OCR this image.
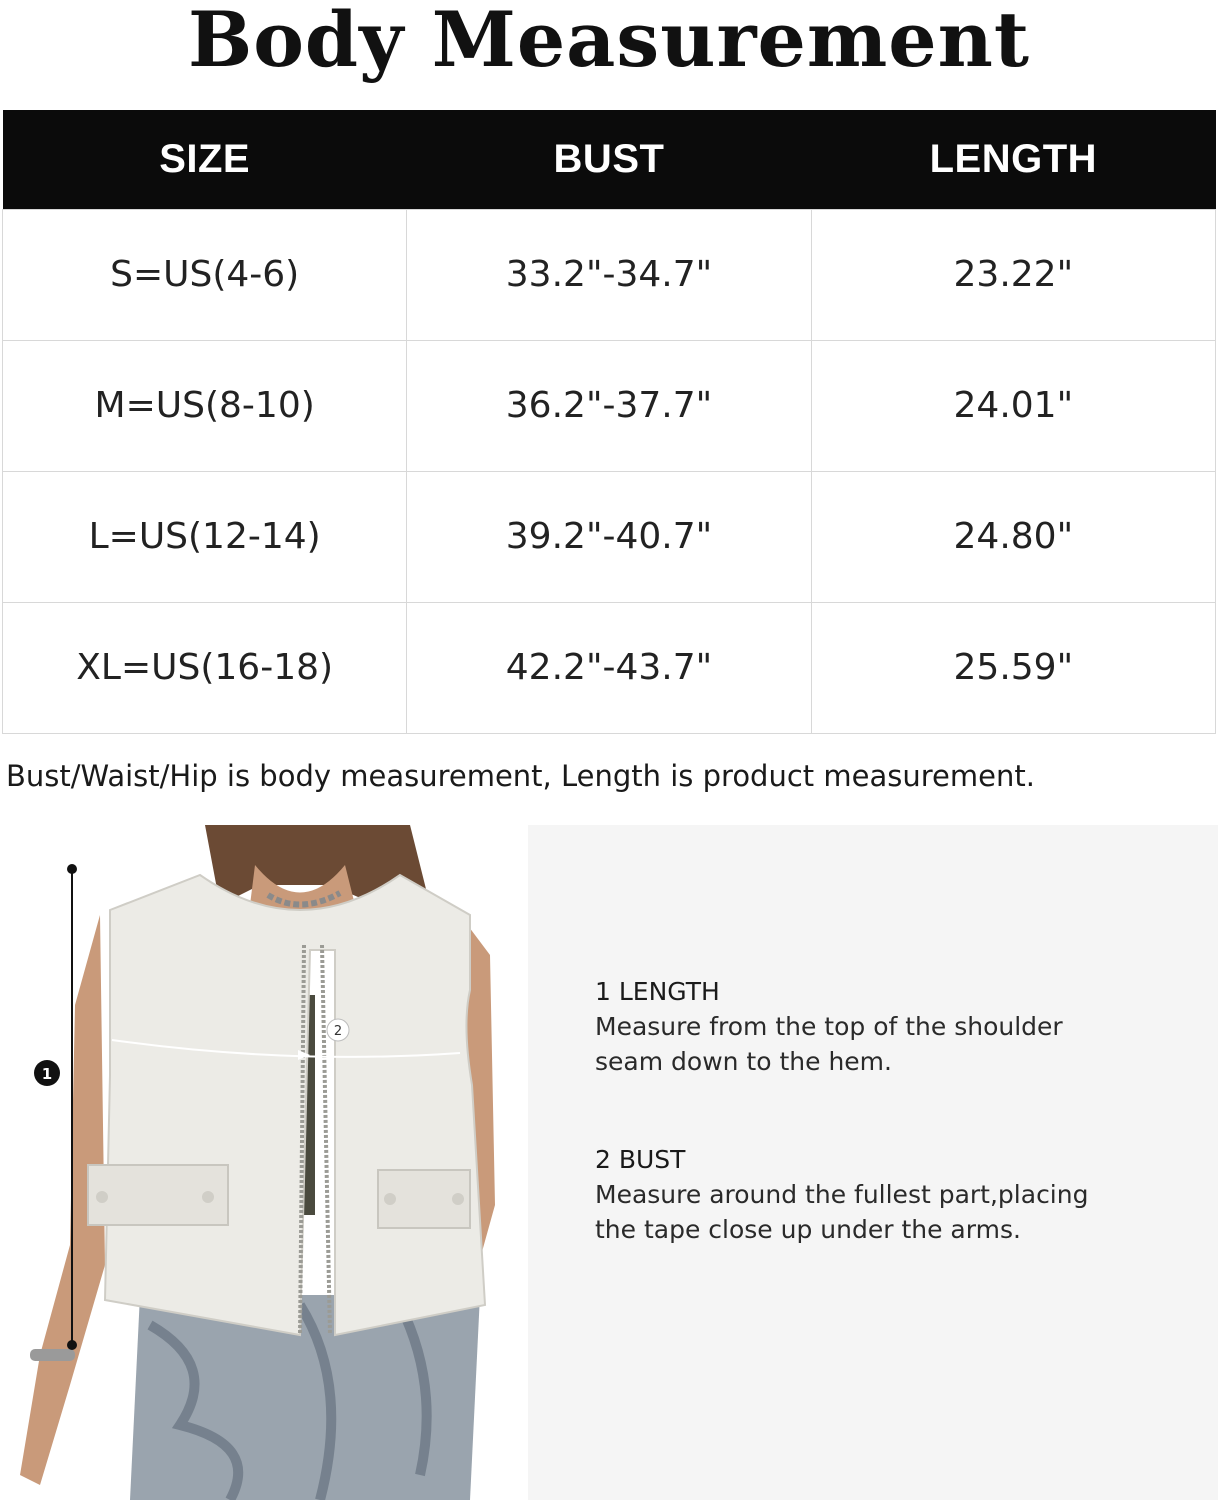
Body Measurement
SIZE	BUST	LENGTH
S=US(4-6)	33.2"-34.7"	23.22"
M=US(8-10)	36.2"-37.7"	24.01"
L=US(12-14)	39.2"-40.7"	24.80"
XL=US(16-18)	42.2"-43.7"	25.59"
Bust/Waist/Hip is body measurement, Length is product measurement.
1
2
1 LENGTH
Measure from the top of the shoulder
seam down to the hem.
2 BUST
Measure around the fullest part,placing
the tape close up under the arms.
